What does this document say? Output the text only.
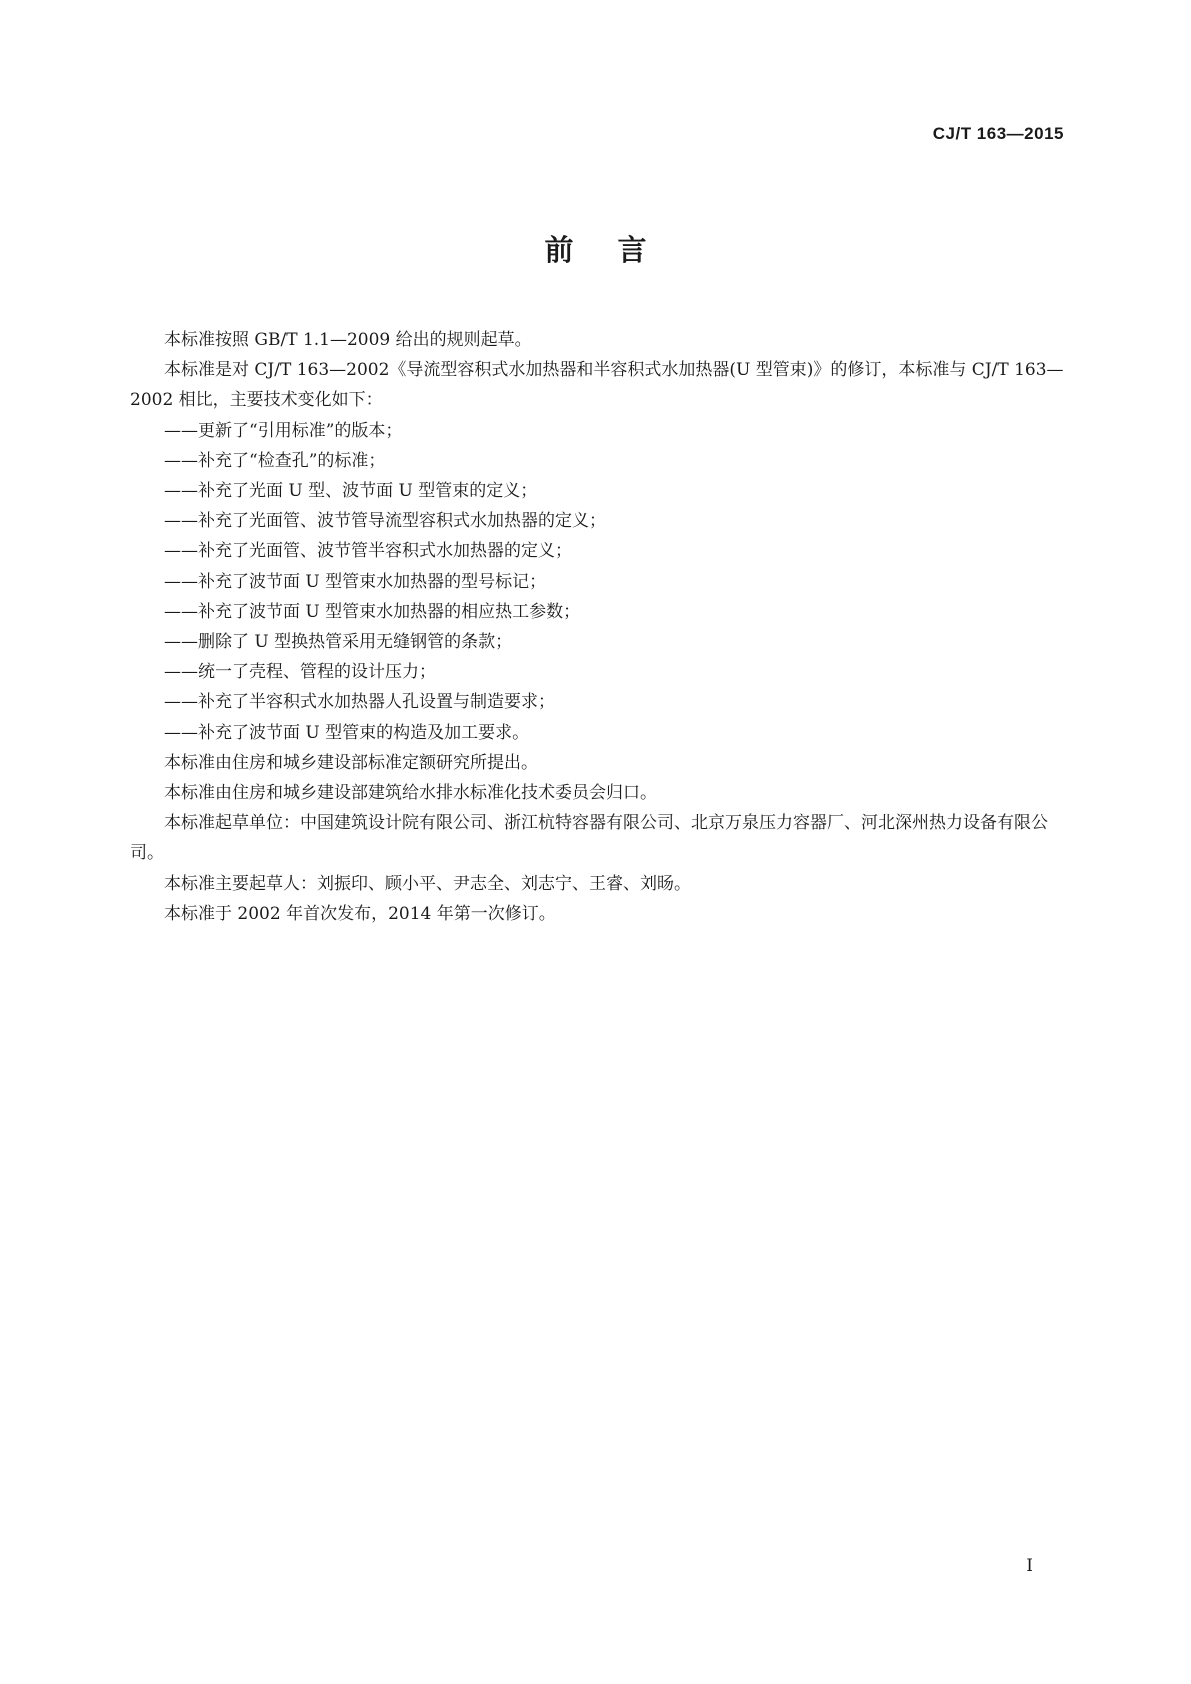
CJ/T 163—2015
前言

本标准按照 GB/T 1.1—2009 给出的规则起草。

本标准是对 CJ/T 163—2002《导流型容积式水加热器和半容积式水加热器(U 型管束)》的修订，本标准与 CJ/T 163—2002 相比，主要技术变化如下：

——更新了“引用标准”的版本；

——补充了“检查孔”的标准；

——补充了光面 U 型、波节面 U 型管束的定义；

——补充了光面管、波节管导流型容积式水加热器的定义；

——补充了光面管、波节管半容积式水加热器的定义；

——补充了波节面 U 型管束水加热器的型号标记；

——补充了波节面 U 型管束水加热器的相应热工参数；

——删除了 U 型换热管采用无缝钢管的条款；

——统一了壳程、管程的设计压力；

——补充了半容积式水加热器人孔设置与制造要求；

——补充了波节面 U 型管束的构造及加工要求。

本标准由住房和城乡建设部标准定额研究所提出。

本标准由住房和城乡建设部建筑给水排水标准化技术委员会归口。

本标准起草单位：中国建筑设计院有限公司、浙江杭特容器有限公司、北京万泉压力容器厂、河北深州热力设备有限公司。

本标准主要起草人：刘振印、顾小平、尹志全、刘志宁、王睿、刘旸。

本标准于 2002 年首次发布，2014 年第一次修订。

I
